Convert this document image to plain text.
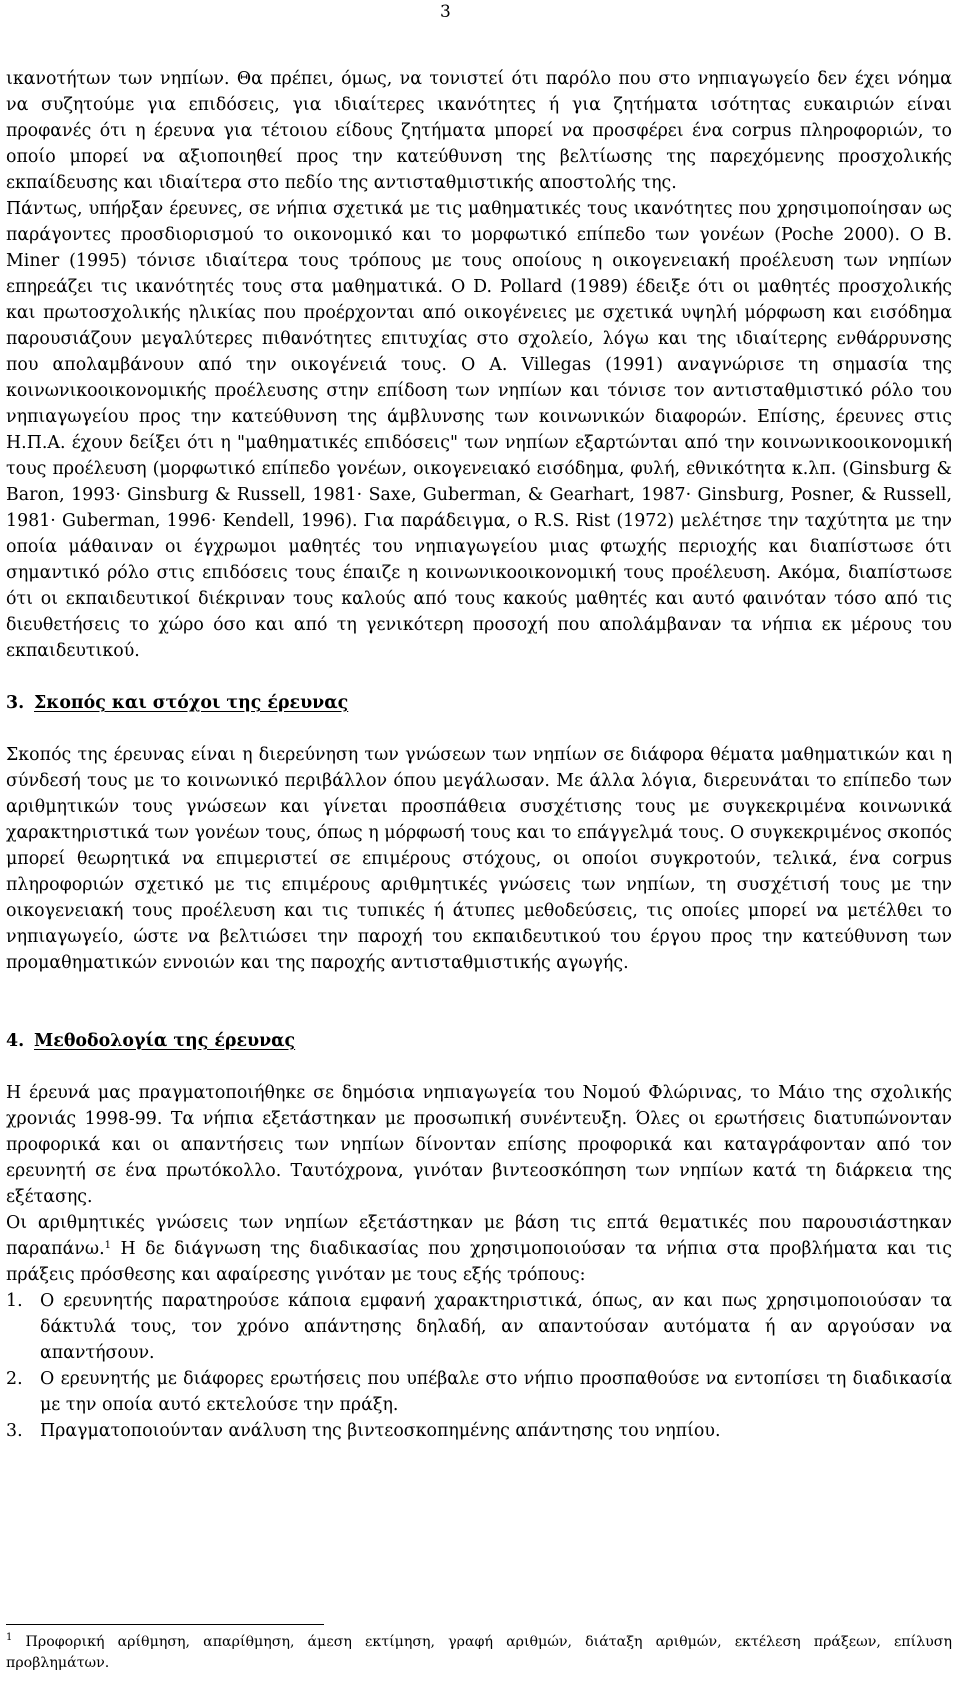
3

ικανοτήτων των νηπίων. Θα πρέπει, όμως, να τονιστεί ότι παρόλο που στο νηπιαγωγείο δεν έχει νόημα να συζητούμε για επιδόσεις, για ιδιαίτερες ικανότητες ή για ζητήματα ισότητας ευκαιριών είναι προφανές ότι η έρευνα για τέτοιου είδους ζητήματα μπορεί να προσφέρει ένα corpus πληροφοριών, το οποίο μπορεί να αξιοποιηθεί προς την κατεύθυνση της βελτίωσης της παρεχόμενης προσχολικής εκπαίδευσης και ιδιαίτερα στο πεδίο της αντισταθμιστικής αποστολής της.

Πάντως, υπήρξαν έρευνες, σε νήπια σχετικά με τις μαθηματικές τους ικανότητες που χρησιμοποίησαν ως παράγοντες προσδιορισμού το οικονομικό και το μορφωτικό επίπεδο των γονέων (Poche 2000). O B. Miner (1995) τόνισε ιδιαίτερα τους τρόπους με τους οποίους η οικογενειακή προέλευση των νηπίων επηρεάζει τις ικανότητές τους στα μαθηματικά. O D. Pollard (1989) έδειξε ότι οι μαθητές προσχολικής και πρωτοσχολικής ηλικίας που προέρχονται από οικογένειες με σχετικά υψηλή μόρφωση και εισόδημα παρουσιάζουν μεγαλύτερες πιθανότητες επιτυχίας στο σχολείο, λόγω και της ιδιαίτερης ενθάρρυνσης που απολαμβάνουν από την οικογένειά τους. O A. Villegas (1991) αναγνώρισε τη σημασία της κοινωνικοοικονομικής προέλευσης στην επίδοση των νηπίων και τόνισε τον αντισταθμιστικό ρόλο του νηπιαγωγείου προς την κατεύθυνση της άμβλυνσης των κοινωνικών διαφορών. Επίσης, έρευνες στις Η.Π.Α. έχουν δείξει ότι η "μαθηματικές επιδόσεις" των νηπίων εξαρτώνται από την κοινωνικοοικονομική τους προέλευση (μορφωτικό επίπεδο γονέων, οικογενειακό εισόδημα, φυλή, εθνικότητα κ.λπ. (Ginsburg & Baron, 1993· Ginsburg & Russell, 1981· Saxe, Guberman, & Gearhart, 1987· Ginsburg, Posner, & Russell, 1981· Guberman, 1996· Kendell, 1996). Για παράδειγμα, ο R.S. Rist (1972) μελέτησε την ταχύτητα με την οποία μάθαιναν οι έγχρωμοι μαθητές του νηπιαγωγείου μιας φτωχής περιοχής και διαπίστωσε ότι σημαντικό ρόλο στις επιδόσεις τους έπαιζε η κοινωνικοοικονομική τους προέλευση. Ακόμα, διαπίστωσε ότι οι εκπαιδευτικοί διέκριναν τους καλούς από τους κακούς μαθητές και αυτό φαινόταν τόσο από τις διευθετήσεις το χώρο όσο και από τη γενικότερη προσοχή που απολάμβαναν τα νήπια εκ μέρους του εκπαιδευτικού.

3. Σκοπός και στόχοι της έρευνας

Σκοπός της έρευνας είναι η διερεύνηση των γνώσεων των νηπίων σε διάφορα θέματα μαθηματικών και η σύνδεσή τους με το κοινωνικό περιβάλλον όπου μεγάλωσαν. Με άλλα λόγια, διερευνάται το επίπεδο των αριθμητικών τους γνώσεων και γίνεται προσπάθεια συσχέτισης τους με συγκεκριμένα κοινωνικά χαρακτηριστικά των γονέων τους, όπως η μόρφωσή τους και το επάγγελμά τους. Ο συγκεκριμένος σκοπός μπορεί θεωρητικά να επιμεριστεί σε επιμέρους στόχους, οι οποίοι συγκροτούν, τελικά, ένα corpus πληροφοριών σχετικό με τις επιμέρους αριθμητικές γνώσεις των νηπίων, τη συσχέτισή τους με την οικογενειακή τους προέλευση και τις τυπικές ή άτυπες μεθοδεύσεις, τις οποίες μπορεί να μετέλθει το νηπιαγωγείο, ώστε να βελτιώσει την παροχή του εκπαιδευτικού του έργου προς την κατεύθυνση των προμαθηματικών εννοιών και της παροχής αντισταθμιστικής αγωγής.

4. Μεθοδολογία της έρευνας

Η έρευνά μας πραγματοποιήθηκε σε δημόσια νηπιαγωγεία του Νομού Φλώρινας, το Μάιο της σχολικής χρονιάς 1998-99. Τα νήπια εξετάστηκαν με προσωπική συνέντευξη. Όλες οι ερωτήσεις διατυπώνονταν προφορικά και οι απαντήσεις των νηπίων δίνονταν επίσης προφορικά και καταγράφονταν από τον ερευνητή σε ένα πρωτόκολλο. Ταυτόχρονα, γινόταν βιντεοσκόπηση των νηπίων κατά τη διάρκεια της εξέτασης.

Οι αριθμητικές γνώσεις των νηπίων εξετάστηκαν με βάση τις επτά θεματικές που παρουσιάστηκαν παραπάνω.$^1$ Η δε διάγνωση της διαδικασίας που χρησιμοποιούσαν τα νήπια στα προβλήματα και τις πράξεις πρόσθεσης και αφαίρεσης γινόταν με τους εξής τρόπους:

1.	Ο ερευνητής παρατηρούσε κάποια εμφανή χαρακτηριστικά, όπως, αν και πως χρησιμοποιούσαν τα δάκτυλά τους, τον χρόνο απάντησης δηλαδή, αν απαντούσαν αυτόματα ή αν αργούσαν να απαντήσουν.
2.	Ο ερευνητής με διάφορες ερωτήσεις που υπέβαλε στο νήπιο προσπαθούσε να εντοπίσει τη διαδικασία με την οποία αυτό εκτελούσε την πράξη.
3.	Πραγματοποιούνταν ανάλυση της βιντεοσκοπημένης απάντησης του νηπίου.
$^1$ Προφορική αρίθμηση, απαρίθμηση, άμεση εκτίμηση, γραφή αριθμών, διάταξη αριθμών, εκτέλεση πράξεων, επίλυση προβλημάτων.
